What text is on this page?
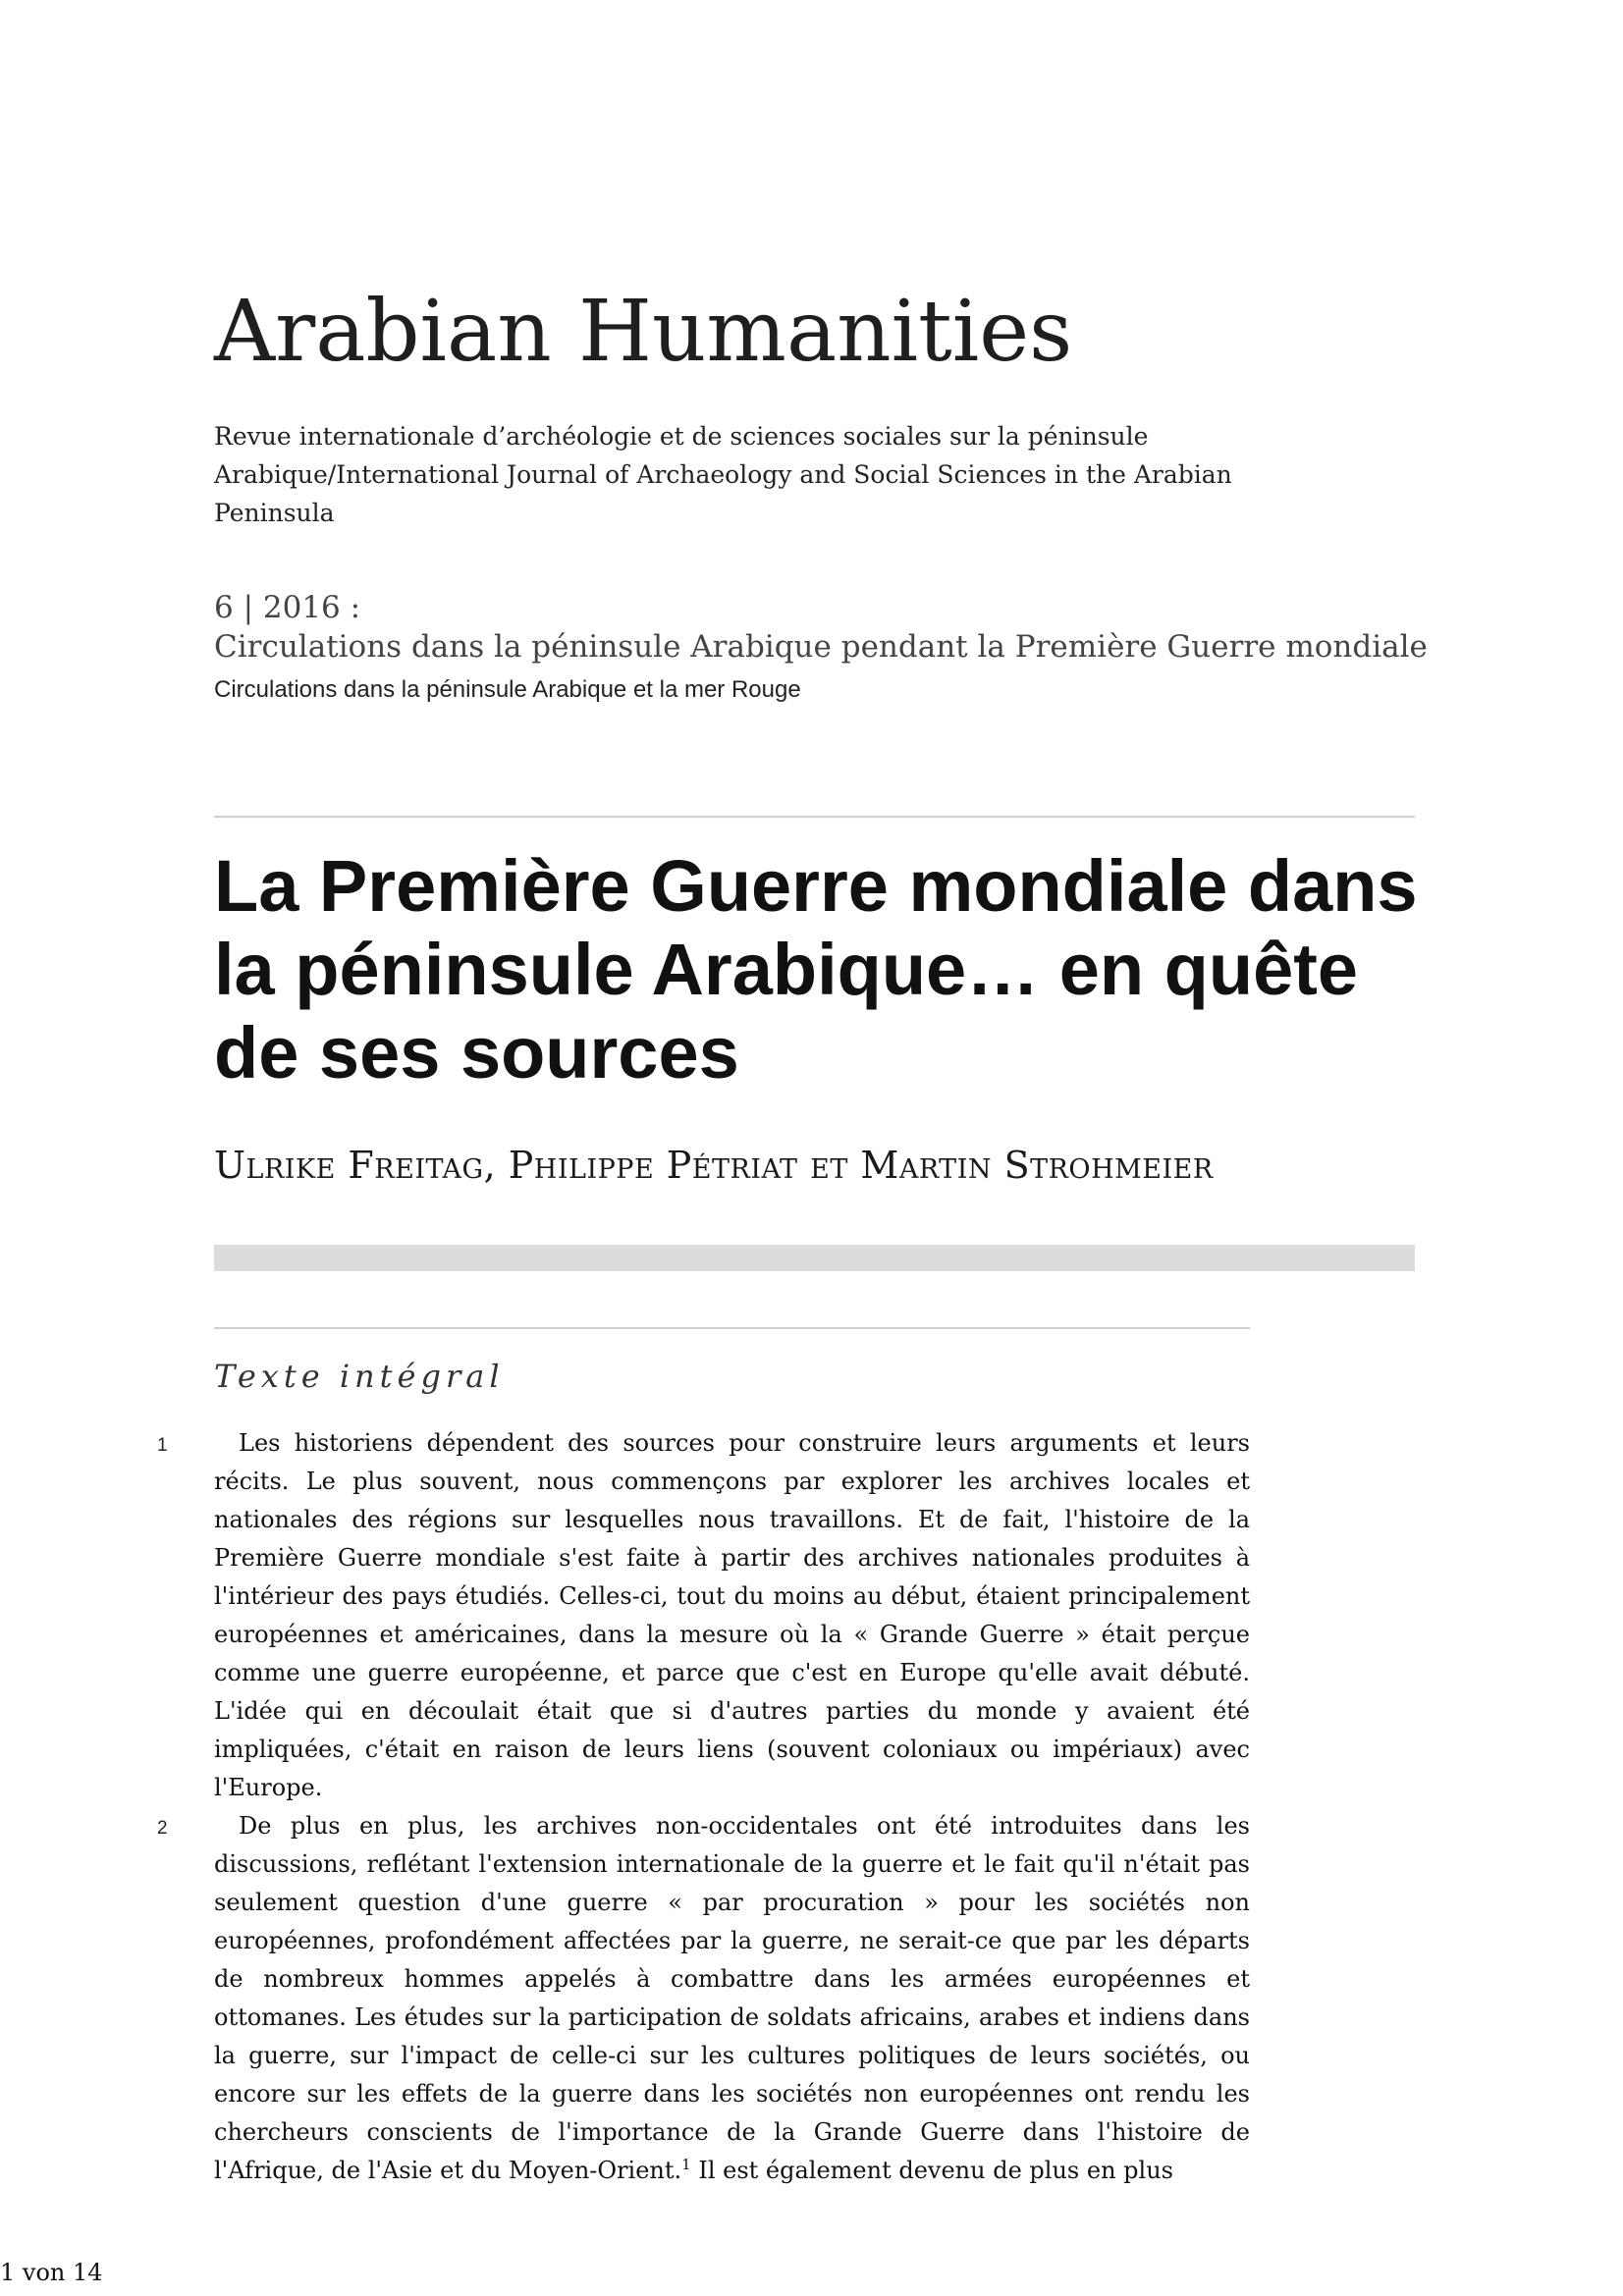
Arabian Humanities

Revue internationale d’archéologie et de sciences sociales sur la péninsule Arabique/International Journal of Archaeology and Social Sciences in the Arabian Peninsula

6 | 2016 :

Circulations dans la péninsule Arabique pendant la Première Guerre mondiale

Circulations dans la péninsule Arabique et la mer Rouge

La Première Guerre mondiale dans la péninsule Arabique… en quête de ses sources

Ulrike Freitag, Philippe Pétriat et Martin Strohmeier

Texte intégral
1	Les historiens dépendent des sources pour construire leurs arguments et leurs récits. Le plus souvent, nous commençons par explorer les archives locales et nationales des régions sur lesquelles nous travaillons. Et de fait, l'histoire de la Première Guerre mondiale s'est faite à partir des archives nationales produites à l'intérieur des pays étudiés. Celles-ci, tout du moins au début, étaient principalement européennes et américaines, dans la mesure où la « Grande Guerre » était perçue comme une guerre européenne, et parce que c'est en Europe qu'elle avait débuté. L'idée qui en découlait était que si d'autres parties du monde y avaient été impliquées, c'était en raison de leurs liens (souvent coloniaux ou impériaux) avec l'Europe.

2	De plus en plus, les archives non-occidentales ont été introduites dans les discussions, reflétant l'extension internationale de la guerre et le fait qu'il n'était pas seulement question d'une guerre « par procuration » pour les sociétés non européennes, profondément affectées par la guerre, ne serait-ce que par les départs de nombreux hommes appelés à combattre dans les armées européennes et ottomanes. Les études sur la participation de soldats africains, arabes et indiens dans la guerre, sur l'impact de celle-ci sur les cultures politiques de leurs sociétés, ou encore sur les effets de la guerre dans les sociétés non européennes ont rendu les chercheurs conscients de l'importance de la Grande Guerre dans l'histoire de l'Afrique, de l'Asie et du Moyen-Orient.$^1$ Il est également devenu de plus en plus

1 von 14
